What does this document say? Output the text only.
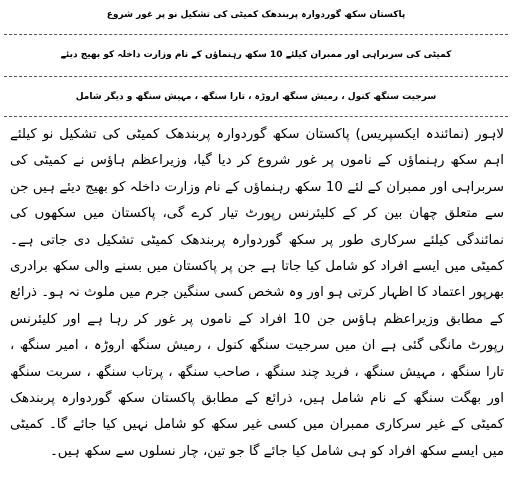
پاکستان سکھ گوردوارہ پربندھک کمیٹی کی تشکیل نو پر غور شروع
کمیٹی کی سربراہی اور ممبران کیلئے 10 سکھ رہنماؤں کے نام وزارت داخلہ کو بھیج دیئے
سرجیت سنگھ کنول ، رمیش سنگھ اروڑہ ، تارا سنگھ ، مہیش سنگھ و دیگر شامل
لاہور (نمائندہ ایکسپریس) پاکستان سکھ گوردوارہ پربندھک کمیٹی کی تشکیل نو کیلئے اہم سکھ رہنماؤں کے ناموں پر غور شروع کر دیا گیا، وزیراعظم ہاؤس نے کمیٹی کی سربراہی اور ممبران کے لئے 10 سکھ رہنماؤں کے نام وزارت داخلہ کو بھیج دیئے ہیں جن سے متعلق چھان بین کر کے کلیئرنس رپورٹ تیار کرے گی، پاکستان میں سکھوں کی نمائندگی کیلئے سرکاری طور پر سکھ گوردوارہ پربندھک کمیٹی تشکیل دی جاتی ہے۔ کمیٹی میں ایسے افراد کو شامل کیا جاتا ہے جن پر پاکستان میں بسنے والی سکھ برادری بھرپور اعتماد کا اظہار کرتی ہو اور وہ شخص کسی سنگین جرم میں ملوث نہ ہو۔ ذرائع کے مطابق وزیراعظم ہاؤس جن 10 افراد کے ناموں پر غور کر رہا ہے اور کلیئرنس رپورٹ مانگی گئی ہے ان میں سرجیت سنگھ کنول ، رمیش سنگھ اروڑہ ، امیر سنگھ ، تارا سنگھ ، مہیش سنگھ ، فرید چند سنگھ ، صاحب سنگھ ، پرتاب سنگھ ، سربت سنگھ اور بھگت سنگھ کے نام شامل ہیں، ذرائع کے مطابق پاکستان سکھ گوردوارہ پربندھک کمیٹی کے غیر سرکاری ممبران میں کسی غیر سکھ کو شامل نہیں کیا جائے گا۔ کمیٹی میں ایسے سکھ افراد کو ہی شامل کیا جائے گا جو تین، چار نسلوں سے سکھ ہیں۔
